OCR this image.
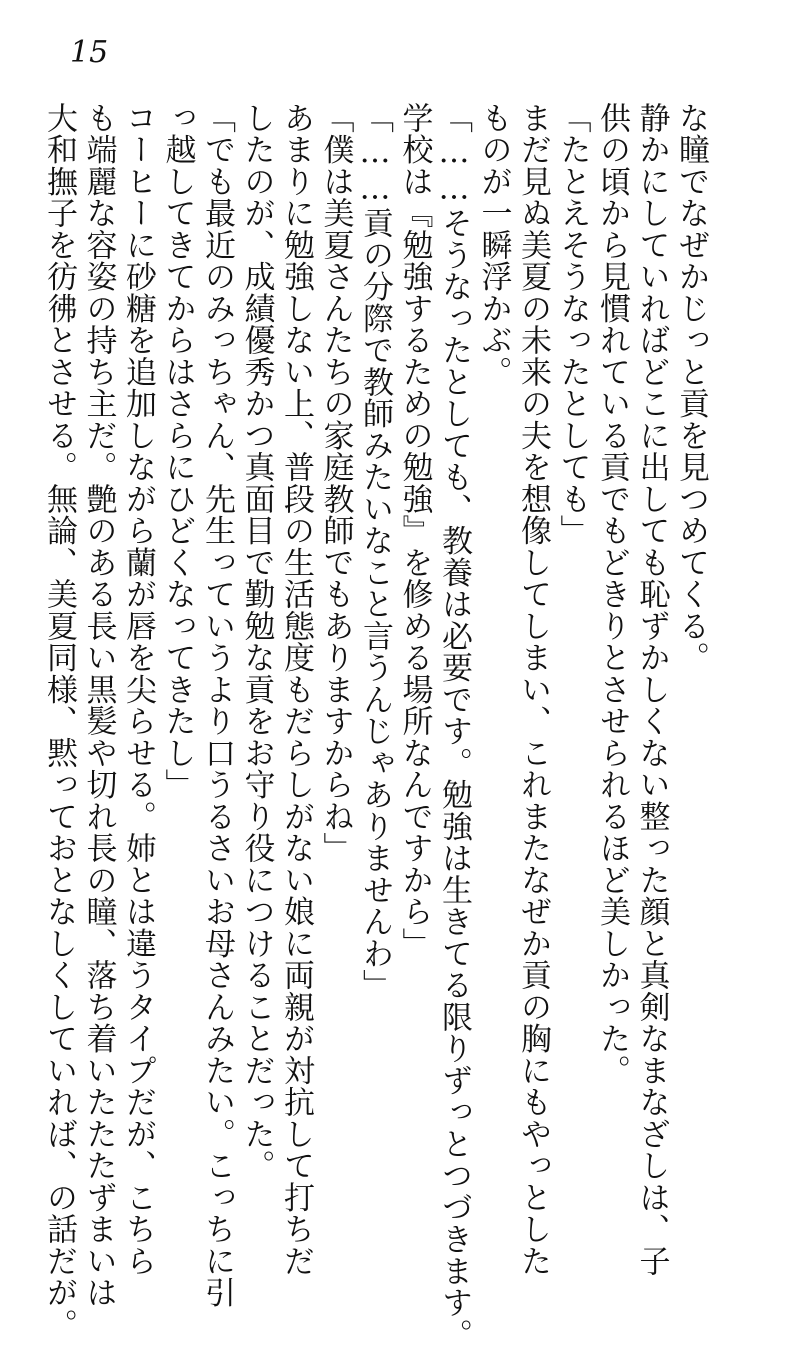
15
な瞳でなぜかじっと貢を見つめてくる。
静かにしていればどこに出しても恥ずかしくない整った顔と真剣なまなざしは、子
供の頃から見慣れている貢でもどきりとさせられるほど美しかった。
「たとえそうなったとしても」
まだ見ぬ美夏の未来の夫を想像してしまい、これまたなぜか貢の胸にもやっとした
ものが一瞬浮かぶ。
「……そうなったとしても、教養は必要です。勉強は生きてる限りずっとつづきます。
学校は『勉強するための勉強』を修める場所なんですから」
「……貢の分際で教師みたいなこと言うんじゃありませんわ」
「僕は美夏さんたちの家庭教師でもありますからね」
あまりに勉強しない上、普段の生活態度もだらしがない娘に両親が対抗して打ちだ
したのが、成績優秀かつ真面目で勤勉な貢をお守り役につけることだった。
「でも最近のみっちゃん、先生っていうより口うるさいお母さんみたい。こっちに引
っ越してきてからはさらにひどくなってきたし」
コーヒーに砂糖を追加しながら蘭が唇を尖らせる。姉とは違うタイプだが、こちら
も端麗な容姿の持ち主だ。艶のある長い黒髪や切れ長の瞳、落ち着いたたたずまいは
大和撫子を彷彿とさせる。無論、美夏同様、黙っておとなしくしていれば、の話だが。
